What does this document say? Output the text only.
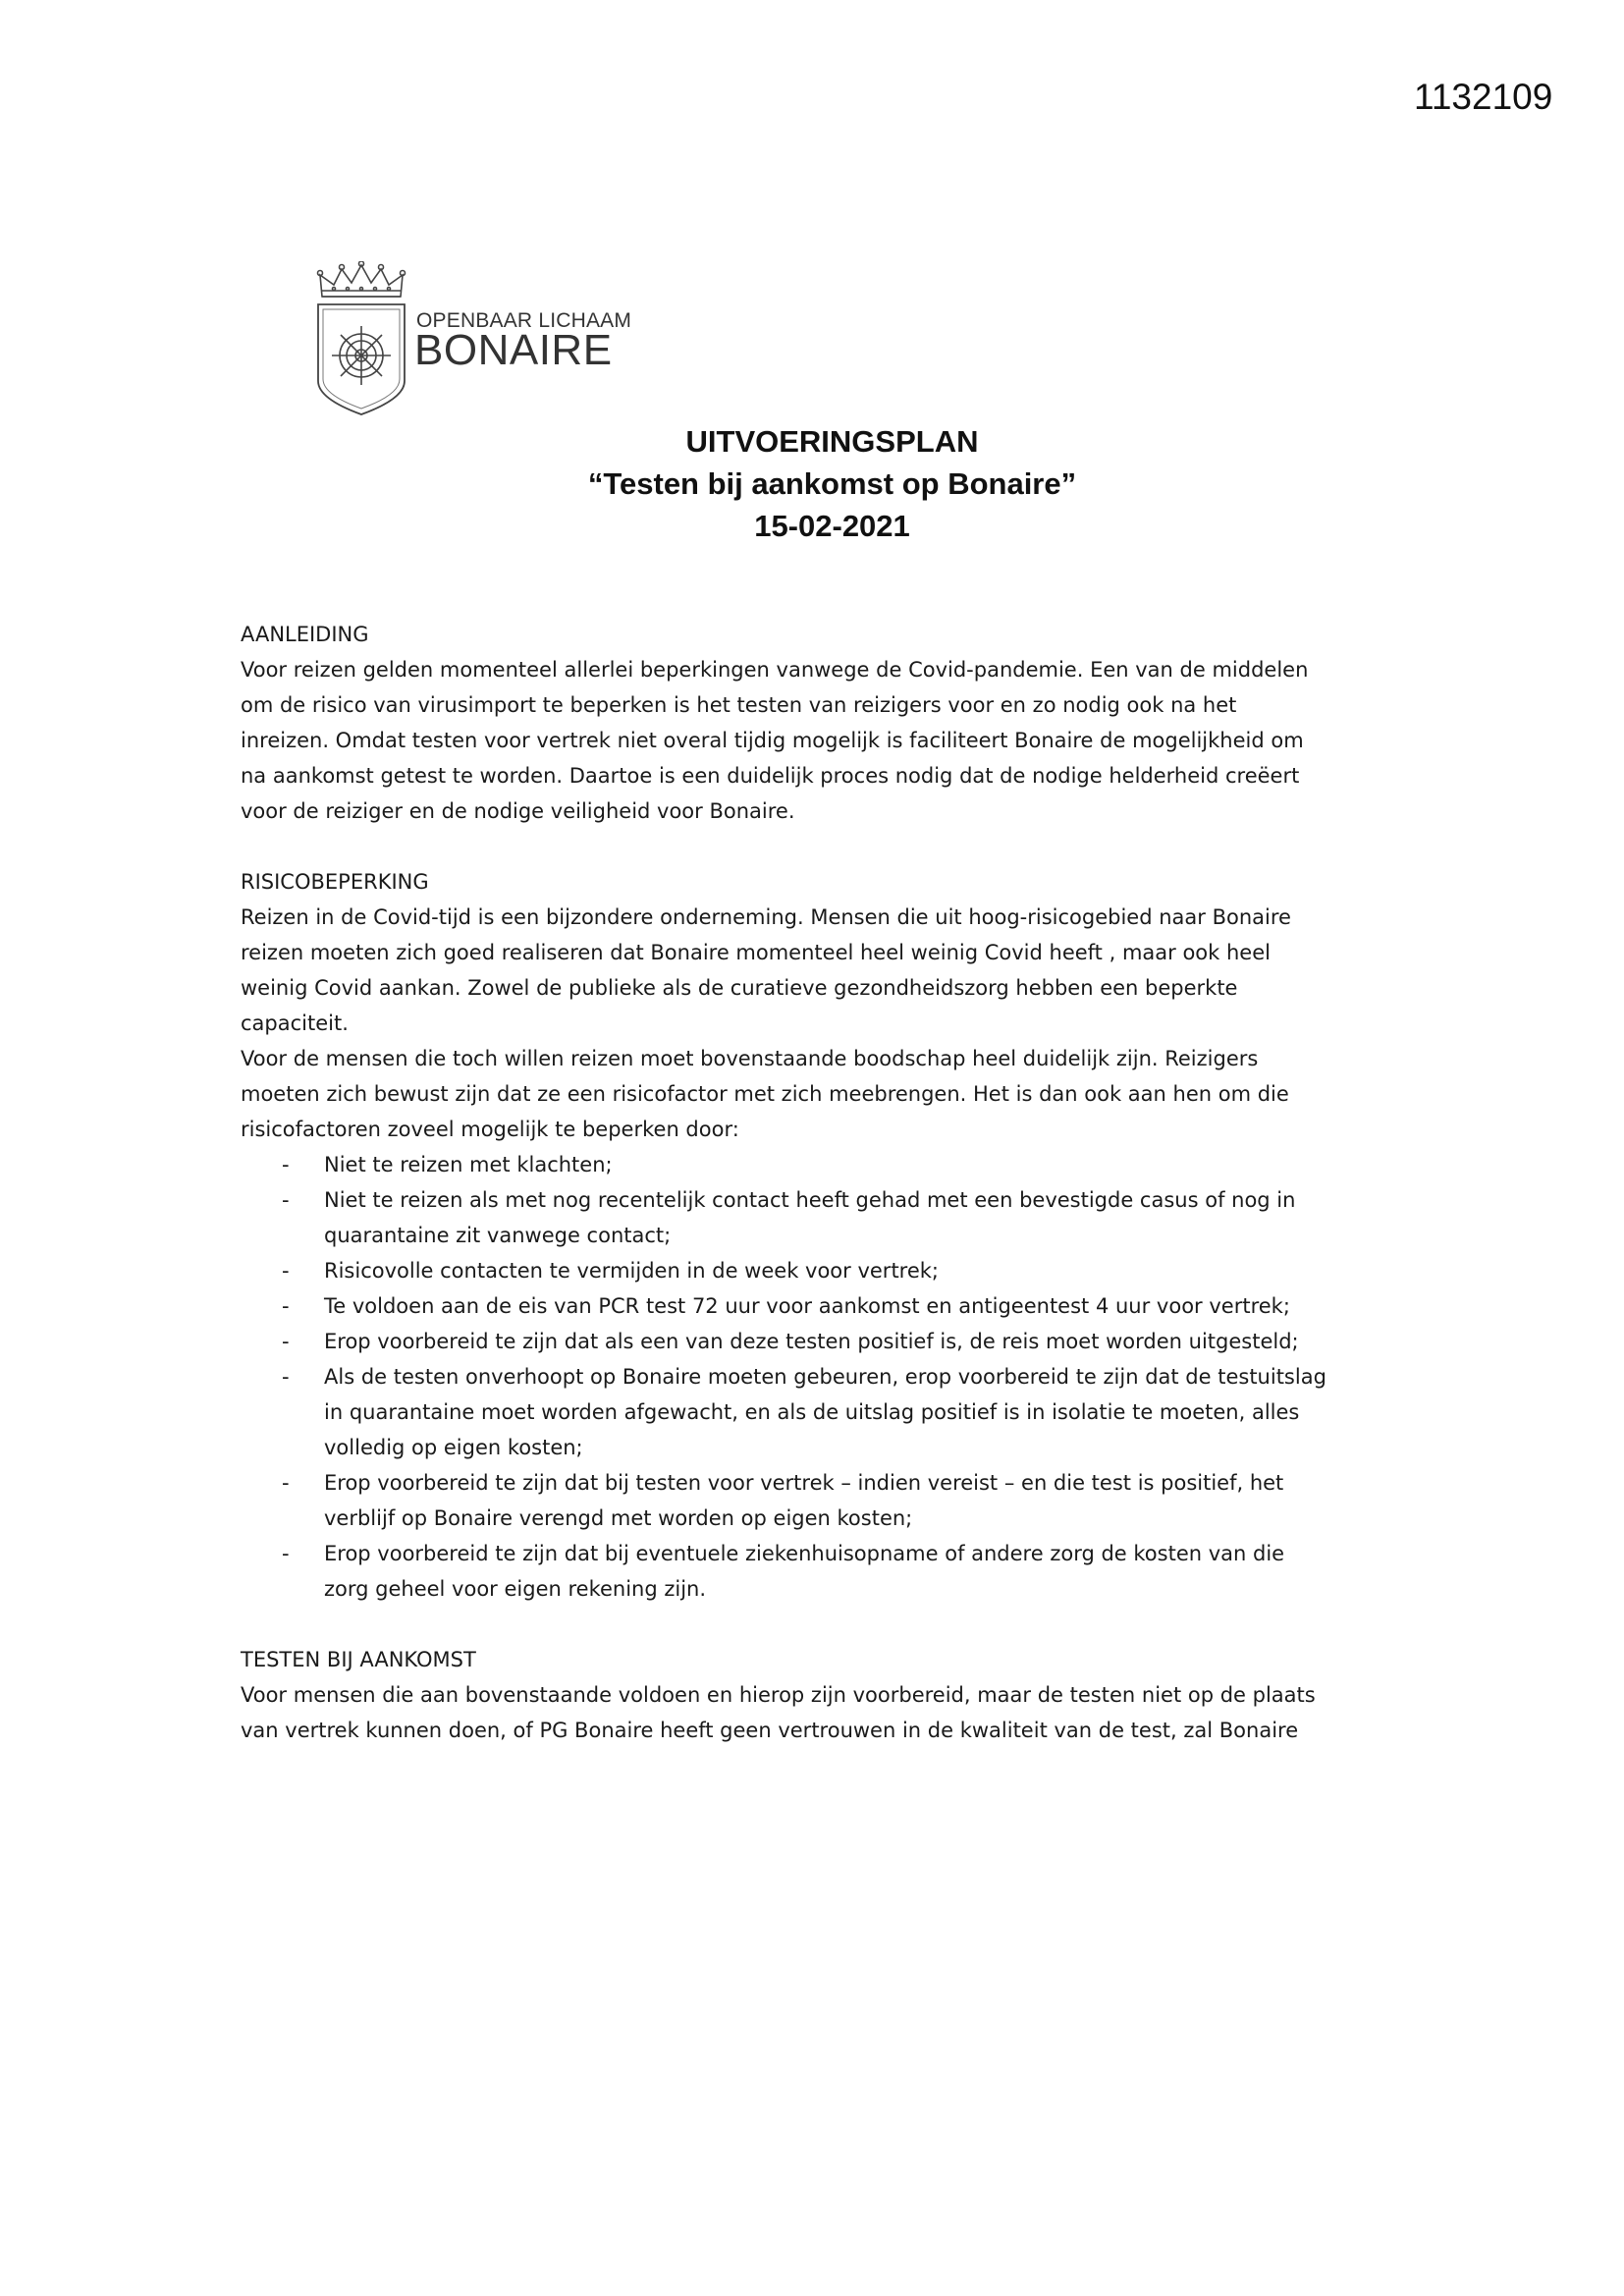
1132109
OPENBAAR LICHAAM
BONAIRE
UITVOERINGSPLAN
“Testen bij aankomst op Bonaire”
15-02-2021
AANLEIDING

Voor reizen gelden momenteel allerlei beperkingen vanwege de Covid-pandemie. Een van de middelen om de risico van virusimport te beperken is het testen van reizigers voor en zo nodig ook na het inreizen. Omdat testen voor vertrek niet overal tijdig mogelijk is faciliteert Bonaire de mogelijkheid om na aankomst getest te worden. Daartoe is een duidelijk proces nodig dat de nodige helderheid creëert voor de reiziger en de nodige veiligheid voor Bonaire.

RISICOBEPERKING

Reizen in de Covid-tijd is een bijzondere onderneming. Mensen die uit hoog-risicogebied naar Bonaire reizen moeten zich goed realiseren dat Bonaire momenteel heel weinig Covid heeft , maar ook heel weinig Covid aankan. Zowel de publieke als de curatieve gezondheidszorg hebben een beperkte capaciteit.

Voor de mensen die toch willen reizen moet bovenstaande boodschap heel duidelijk zijn. Reizigers moeten zich bewust zijn dat ze een risicofactor met zich meebrengen. Het is dan ook aan hen om die risicofactoren zoveel mogelijk te beperken door:

- Niet te reizen met klachten;
- Niet te reizen als met nog recentelijk contact heeft gehad met een bevestigde casus of nog in quarantaine zit vanwege contact;
- Risicovolle contacten te vermijden in de week voor vertrek;
- Te voldoen aan de eis van PCR test 72 uur voor aankomst en antigeentest 4 uur voor vertrek;
- Erop voorbereid te zijn dat als een van deze testen positief is, de reis moet worden uitgesteld;
- Als de testen onverhoopt op Bonaire moeten gebeuren, erop voorbereid te zijn dat de testuitslag in quarantaine moet worden afgewacht, en als de uitslag positief is in isolatie te moeten, alles volledig op eigen kosten;
- Erop voorbereid te zijn dat bij testen voor vertrek – indien vereist – en die test is positief, het verblijf op Bonaire verengd met worden op eigen kosten;
- Erop voorbereid te zijn dat bij eventuele ziekenhuisopname of andere zorg de kosten van die zorg geheel voor eigen rekening zijn.
TESTEN BIJ AANKOMST

Voor mensen die aan bovenstaande voldoen en hierop zijn voorbereid, maar de testen niet op de plaats van vertrek kunnen doen, of PG Bonaire heeft geen vertrouwen in de kwaliteit van de test, zal Bonaire
